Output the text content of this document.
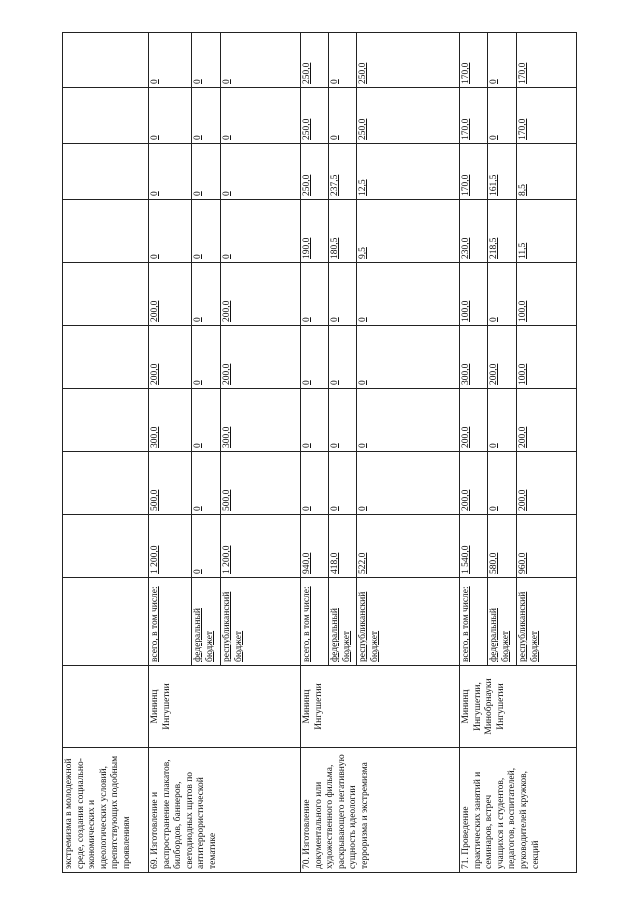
экстремизма в молодежной среде, создания социально-экономических и идеологических условий, препятствующих подобным проявлениям											
69. Изготовление и распространение плакатов, билбордов, баннеров, светодиодных щитов по антитеррористической тематике	Мининц Ингушетии	всего, в том числе:	1 200,0	500,0	300,0	200,0	200,0	0	0	0	0
		федеральный бюджет	0	0	0	0	0	0	0	0	0
		республиканский бюджет	1 200,0	500,0	300,0	200,0	200,0	0	0	0	0
70. Изготовление документального или художественного фильма, раскрывающего негативную сущность идеологии терроризма и экстремизма	Мининц Ингушетии	всего, в том числе:	940,0	0	0	0	0	190,0	250,0	250,0	250,0
		федеральный бюджет	418,0	0	0	0	0	180,5	237,5	0	0
		республиканский бюджет	522,0	0	0	0	0	9,5	12,5	250,0	250,0
71. Проведение практических занятий и семинаров, встреч учащихся и студентов, педагогов, воспитателей, руководителей кружков, секций	Мининц Ингушетии, Минобрнауки Ингушетии	всего, в том числе:	1 540,0	200,0	200,0	300,0	100,0	230,0	170,0	170,0	170,0
		федеральный бюджет	580,0	0	0	200,0	0	218,5	161,5	0	0
		республиканский бюджет	960,0	200,0	200,0	100,0	100,0	11,5	8,5	170,0	170,0
